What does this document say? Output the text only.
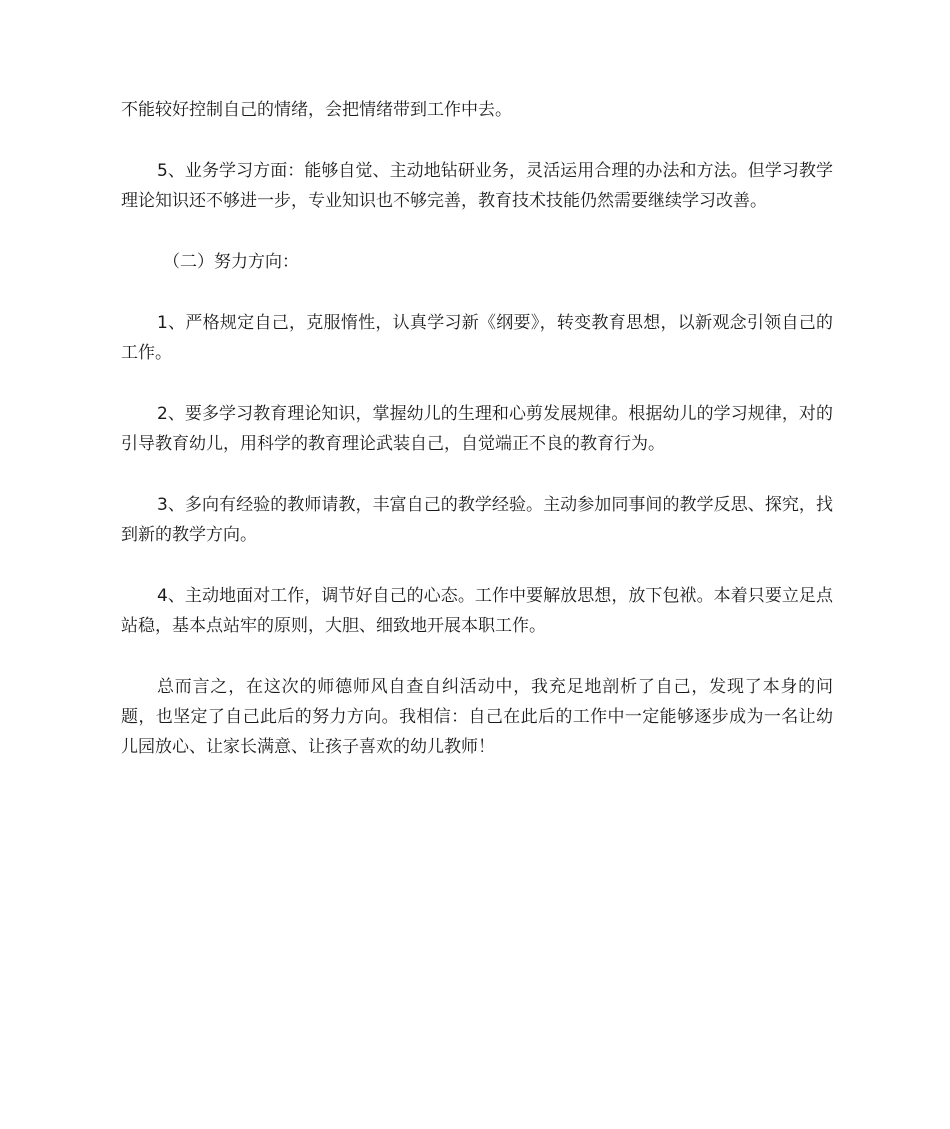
不能较好控制自己的情绪，会把情绪带到工作中去。

5、业务学习方面：能够自觉、主动地钻研业务，灵活运用合理的办法和方法。但学习教学理论知识还不够进一步，专业知识也不够完善，教育技术技能仍然需要继续学习改善。

（二）努力方向：

1、严格规定自己，克服惰性，认真学习新《纲要》，转变教育思想，以新观念引领自己的工作。

2、要多学习教育理论知识，掌握幼儿的生理和心剪发展规律。根据幼儿的学习规律，对的引导教育幼儿，用科学的教育理论武装自己，自觉端正不良的教育行为。

3、多向有经验的教师请教，丰富自己的教学经验。主动参加同事间的教学反思、探究，找到新的教学方向。

4、主动地面对工作，调节好自己的心态。工作中要解放思想，放下包袱。本着只要立足点站稳，基本点站牢的原则，大胆、细致地开展本职工作。

总而言之，在这次的师德师风自查自纠活动中，我充足地剖析了自己，发现了本身的问题，也坚定了自己此后的努力方向。我相信：自己在此后的工作中一定能够逐步成为一名让幼儿园放心、让家长满意、让孩子喜欢的幼儿教师！
